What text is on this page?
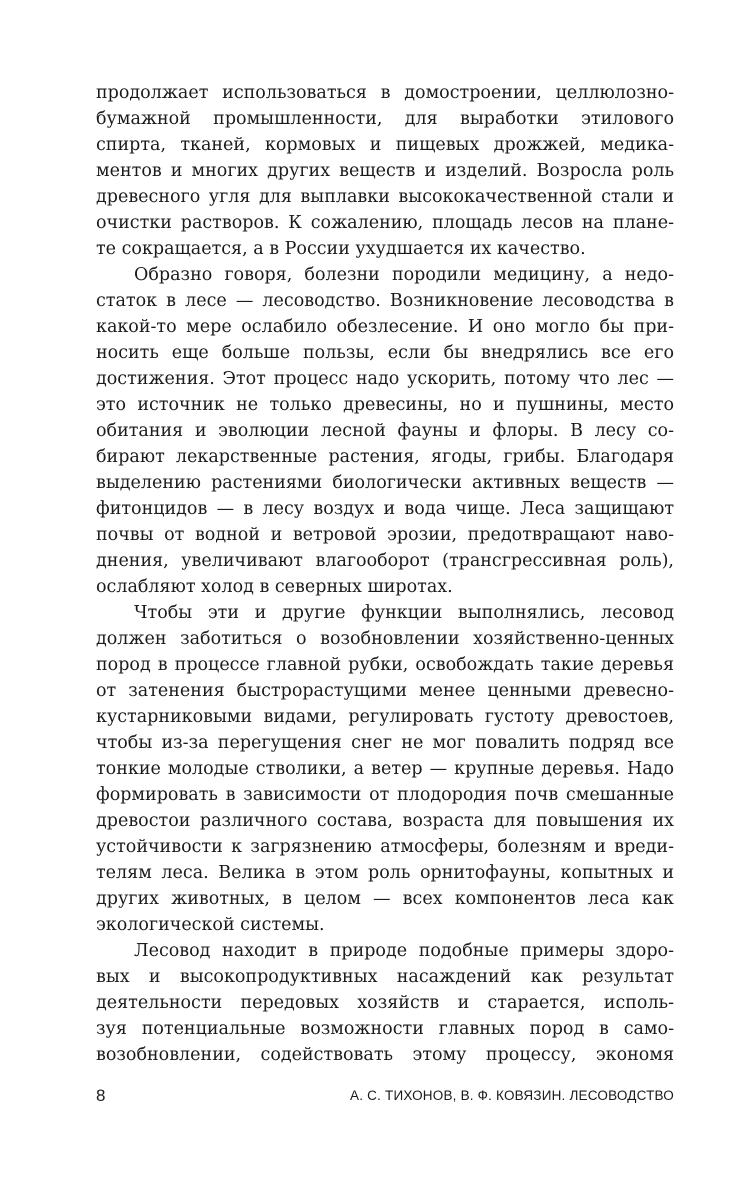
продолжает использоваться в домостроении, целлюлозно-
бумажной промышленности, для выработки этилового
спирта, тканей, кормовых и пищевых дрожжей, медика-
ментов и многих других веществ и изделий. Возросла роль
древесного угля для выплавки высококачественной стали и
очистки растворов. К сожалению, площадь лесов на плане-
те сокращается, а в России ухудшается их качество.
Образно говоря, болезни породили медицину, а недо-
статок в лесе — лесоводство. Возникновение лесоводства в
какой-то мере ослабило обезлесение. И оно могло бы при-
носить еще больше пользы, если бы внедрялись все его
достижения. Этот процесс надо ускорить, потому что лес —
это источник не только древесины, но и пушнины, место
обитания и эволюции лесной фауны и флоры. В лесу со-
бирают лекарственные растения, ягоды, грибы. Благодаря
выделению растениями биологически активных веществ —
фитонцидов — в лесу воздух и вода чище. Леса защищают
почвы от водной и ветровой эрозии, предотвращают наво-
днения, увеличивают влагооборот (трансгрессивная роль),
ослабляют холод в северных широтах.
Чтобы эти и другие функции выполнялись, лесовод
должен заботиться о возобновлении хозяйственно-ценных
пород в процессе главной рубки, освобождать такие деревья
от затенения быстрорастущими менее ценными древесно-
кустарниковыми видами, регулировать густоту древостоев,
чтобы из-за перегущения снег не мог повалить подряд все
тонкие молодые стволики, а ветер — крупные деревья. Надо
формировать в зависимости от плодородия почв смешанные
древостои различного состава, возраста для повышения их
устойчивости к загрязнению атмосферы, болезням и вреди-
телям леса. Велика в этом роль орнитофауны, копытных и
других животных, в целом — всех компонентов леса как
экологической системы.
Лесовод находит в природе подобные примеры здоро-
вых и высокопродуктивных насаждений как результат
деятельности передовых хозяйств и старается, исполь-
зуя потенциальные возможности главных пород в само-
возобновлении, содействовать этому процессу, экономя
8	А. С. ТИХОНОВ, В. Ф. КОВЯЗИН. ЛЕСОВОДСТВО
